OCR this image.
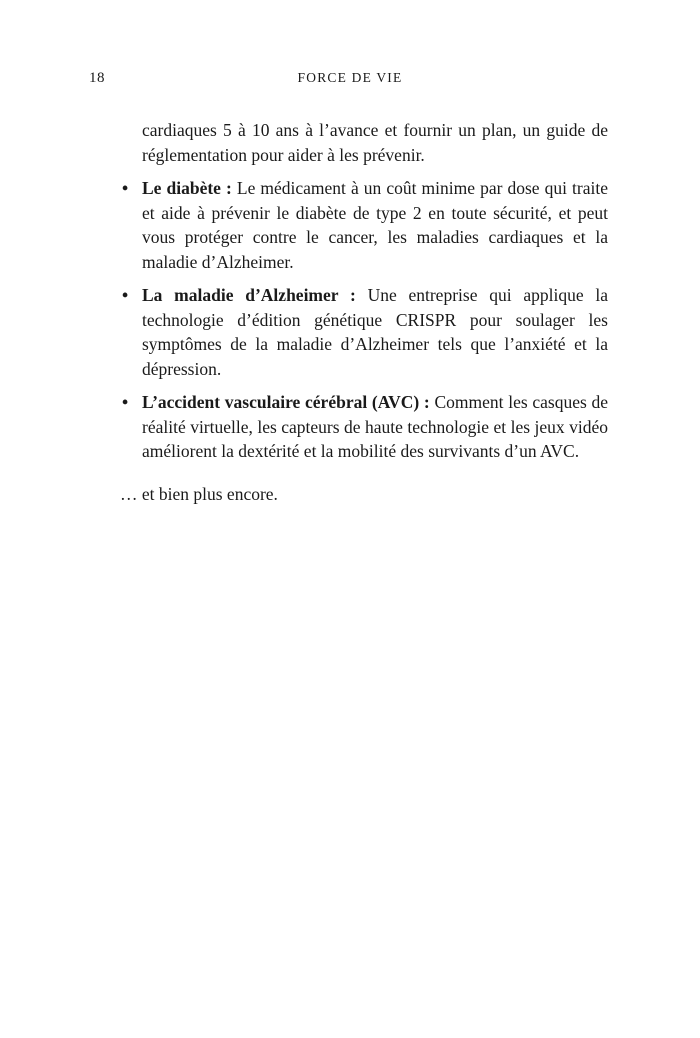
18	FORCE DE VIE

cardiaques 5 à 10 ans à l’avance et fournir un plan, un guide de réglementation pour aider à les prévenir.

• Le diabète : Le médicament à un coût minime par dose qui traite et aide à prévenir le diabète de type 2 en toute sécurité, et peut vous protéger contre le cancer, les maladies cardiaques et la maladie d’Alzheimer.
• La maladie d’Alzheimer : Une entreprise qui applique la technologie d’édition génétique CRISPR pour soulager les symptômes de la maladie d’Alzheimer tels que l’anxiété et la dépression.
• L’accident vasculaire cérébral (AVC) : Comment les casques de réalité virtuelle, les capteurs de haute technologie et les jeux vidéo améliorent la dextérité et la mobilité des survivants d’un AVC.

… et bien plus encore.
